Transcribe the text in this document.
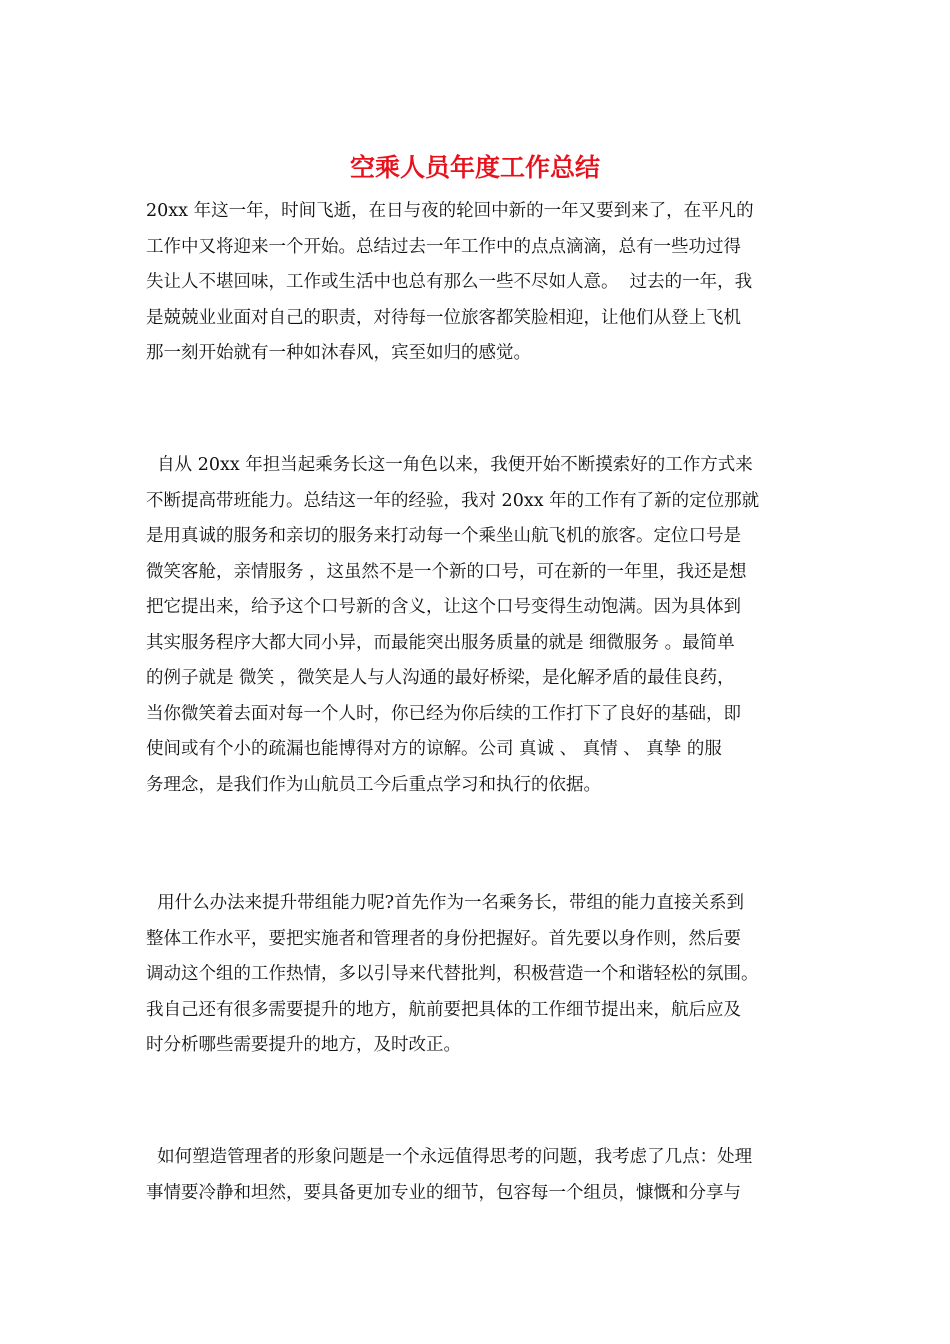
空乘人员年度工作总结

20xx 年这一年，时间飞逝，在日与夜的轮回中新的一年又要到来了，在平凡的
工作中又将迎来一个开始。总结过去一年工作中的点点滴滴，总有一些功过得
失让人不堪回味，工作或生活中也总有那么一些不尽如人意。  过去的一年，我
是兢兢业业面对自己的职责，对待每一位旅客都笑脸相迎，让他们从登上飞机
那一刻开始就有一种如沐春风，宾至如归的感觉。

自从 20xx 年担当起乘务长这一角色以来，我便开始不断摸索好的工作方式来
不断提高带班能力。总结这一年的经验，我对 20xx 年的工作有了新的定位那就
是用真诚的服务和亲切的服务来打动每一个乘坐山航飞机的旅客。定位口号是
微笑客舱，亲情服务 ，这虽然不是一个新的口号，可在新的一年里，我还是想
把它提出来，给予这个口号新的含义，让这个口号变得生动饱满。因为具体到
其实服务程序大都大同小异，而最能突出服务质量的就是 细微服务 。最简单
的例子就是 微笑 ，微笑是人与人沟通的最好桥梁，是化解矛盾的最佳良药，
当你微笑着去面对每一个人时，你已经为你后续的工作打下了良好的基础，即
使间或有个小的疏漏也能博得对方的谅解。公司 真诚 、 真情 、 真挚 的服
务理念，是我们作为山航员工今后重点学习和执行的依据。

用什么办法来提升带组能力呢?首先作为一名乘务长，带组的能力直接关系到
整体工作水平，要把实施者和管理者的身份把握好。首先要以身作则，然后要
调动这个组的工作热情，多以引导来代替批判，积极营造一个和谐轻松的氛围。
我自己还有很多需要提升的地方，航前要把具体的工作细节提出来，航后应及
时分析哪些需要提升的地方，及时改正。

如何塑造管理者的形象问题是一个永远值得思考的问题，我考虑了几点：处理
事情要冷静和坦然，要具备更加专业的细节，包容每一个组员，慷慨和分享与
